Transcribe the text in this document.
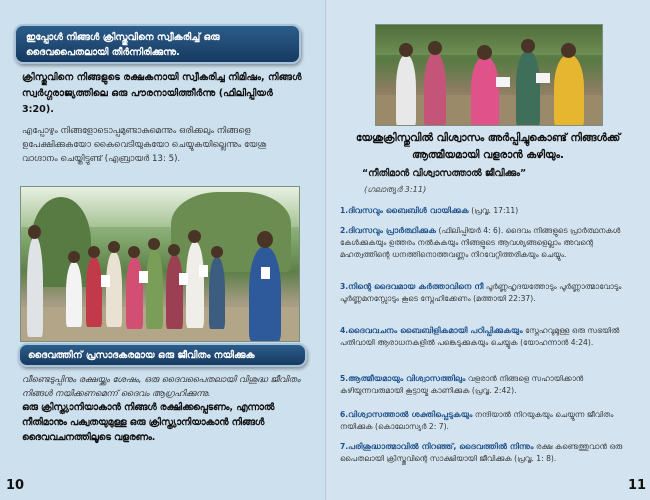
ഇപ്പോൾ നിങ്ങൾ ക്രിസ്തുവിനെ സ്വീകരിച്ച് ഒരു ദൈവപൈതലായി തീർന്നിരിക്കുന്നു.
ക്രിസ്തുവിനെ നിങ്ങളുടെ രക്ഷകനായി സ്വീകരിച്ച നിമിഷം, നിങ്ങൾ സ്വർഗ്ഗരാജ്യത്തിലെ ഒരു പൗരനായിത്തീർന്നു (ഫിലിപ്പിയർ 3:20).
എപ്പോഴും നിങ്ങളോടൊപ്പമുണ്ടാകുമെന്നും ഒരിക്കലും നിങ്ങളെ ഉപേക്ഷിക്കുകയോ കൈവെടിയുകയോ ചെയ്യുകയില്ലെന്നും യേശു വാഗ്ദാനം ചെയ്തിട്ടുണ്ട് (എബ്രായർ 13: 5).
ദൈവത്തിന് പ്രസാദകരമായ ഒരു ജീവിതം നയിക്കുക
വീണ്ടെടുപ്പിനും രക്ഷയ്ക്കും ശേഷം, ഒരു ദൈവപൈതലായി വിശുദ്ധ ജീവിതം നിങ്ങൾ നയിക്കണമെന്ന് ദൈവം ആഗ്രഹിക്കുന്നു.
ഒരു ക്രിസ്ത്യാനിയാകാൻ നിങ്ങൾ രക്ഷിക്കപ്പെടണം, എന്നാൽ നീതിമാനും പക്വതയുമുള്ള ഒരു ക്രിസ്ത്യാനിയാകാൻ നിങ്ങൾ ദൈവവചനത്തിലൂടെ വളരണം.
10
യേശുക്രിസ്തുവിൽ വിശ്വാസം അർപ്പിച്ചുകൊണ്ട് നിങ്ങൾക്ക് ആത്മീയമായി വളരാൻ കഴിയും.
“നീതിമാൻ വിശ്വാസത്താൽ ജീവിക്കും”
(ഗലാത്യർ 3:11)
1.ദിവസവും ബൈബിൾ വായിക്കുക (പ്രവൃ. 17:11)
2.ദിവസവും പ്രാർത്ഥിക്കുക (ഫിലിപ്പിയർ 4: 6). ദൈവം നിങ്ങളുടെ പ്രാർത്ഥനകൾ കേൾക്കുകയും ഉത്തരം നൽകുകയും നിങ്ങളുടെ ആവശ്യങ്ങളെല്ലാം അവന്റെ മഹത്വത്തിന്റെ ധനത്തിനൊത്തവണ്ണം നിറവേറ്റിത്തരികയും ചെയ്യും.
3.നിന്റെ ദൈവമായ കർത്താവിനെ നീ പൂർണ്ണഹൃദയത്തോടും പൂർണ്ണാത്മാവോടും പൂർണ്ണമനസ്സോടും കൂടെ സ്നേഹിക്കേണം (മത്തായി 22:37).
4.ദൈവവചനം ബൈബിളികമായി പഠിപ്പിക്കുകയും സ്നേഹവുമുള്ള ഒരു സഭയിൽ പതിവായി ആരാധനകളിൽ പങ്കെടുക്കുകയും ചെയ്യുക (യോഹന്നാൻ 4:24).
5.ആത്മീയമായും വിശ്വാസത്തിലും വളരാൻ നിങ്ങളെ സഹായിക്കാൻ കഴിയുന്നവരുമായി കൂട്ടായ്മ കാണിക്കുക (പ്രവൃ. 2:42).
6.വിശ്വാസത്താൽ ശക്തിപ്പെടുകയും നന്ദിയാൽ നിറയുകയും ചെയ്യുന്ന ജീവിതം നയിക്കുക (കൊലോസ്യർ 2: 7).
7.പരിശുദ്ധാത്മാവിൽ നിറഞ്ഞ്, ദൈവത്തിൽ നിന്നും രക്ഷ കണ്ടെത്തുവാൻ ഒരു പൈതലായി ക്രിസ്തുവിന്റെ സാക്ഷിയായി ജീവിക്കുക (പ്രവൃ. 1: 8).
11
